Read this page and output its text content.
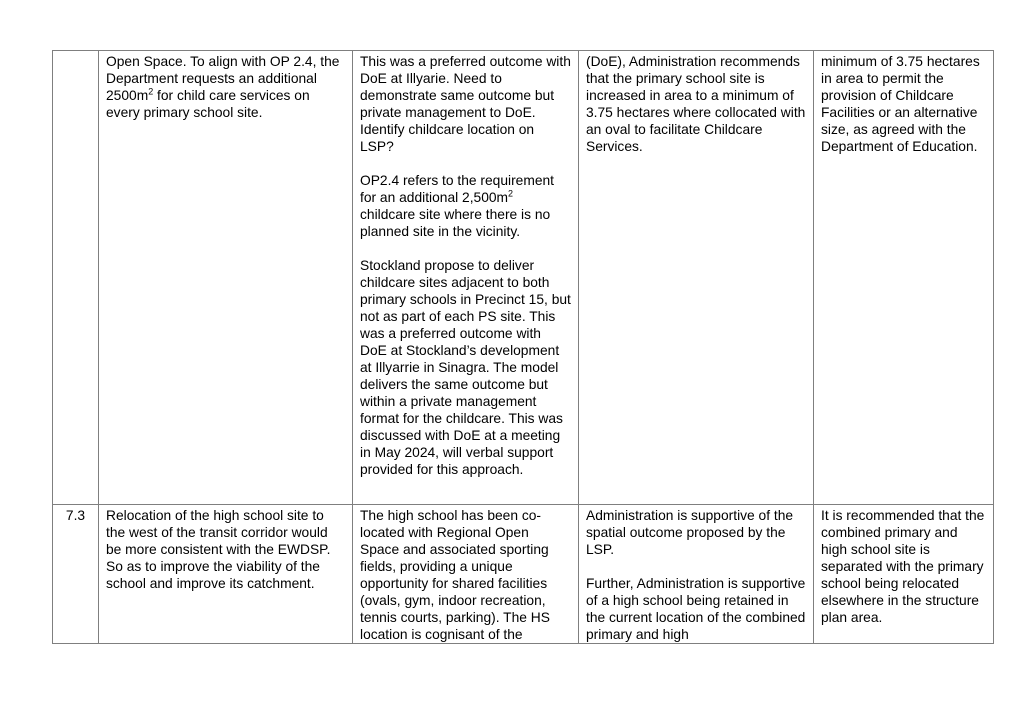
	Open Space. To align with OP 2.4, the Department requests an additional $2500m^2$ for child care services on every primary school site.	This was a preferred outcome with DoE at Illyarie. Need to demonstrate same outcome but private management to DoE. Identify childcare location on LSP?

OP2.4 refers to the requirement for an additional $2,500m^2$ childcare site where there is no planned site in the vicinity.

Stockland propose to deliver childcare sites adjacent to both primary schools in Precinct 15, but not as part of each PS site. This was a preferred outcome with DoE at Stockland’s development at Illyarrie in Sinagra. The model delivers the same outcome but within a private management format for the childcare. This was discussed with DoE at a meeting in May 2024, will verbal support provided for this approach.	(DoE), Administration recommends that the primary school site is increased in area to a minimum of 3.75 hectares where collocated with an oval to facilitate Childcare Services.	minimum of 3.75 hectares in area to permit the provision of Childcare Facilities or an alternative size, as agreed with the Department of Education.

7.3	Relocation of the high school site to the west of the transit corridor would be more consistent with the EWDSP. So as to improve the viability of the school and improve its catchment.	The high school has been co-located with Regional Open Space and associated sporting fields, providing a unique opportunity for shared facilities (ovals, gym, indoor recreation, tennis courts, parking). The HS location is cognisant of the	Administration is supportive of the spatial outcome proposed by the LSP.

Further, Administration is supportive of a high school being retained in the current location of the combined primary and high	It is recommended that the combined primary and high school site is separated with the primary school being relocated elsewhere in the structure plan area.
